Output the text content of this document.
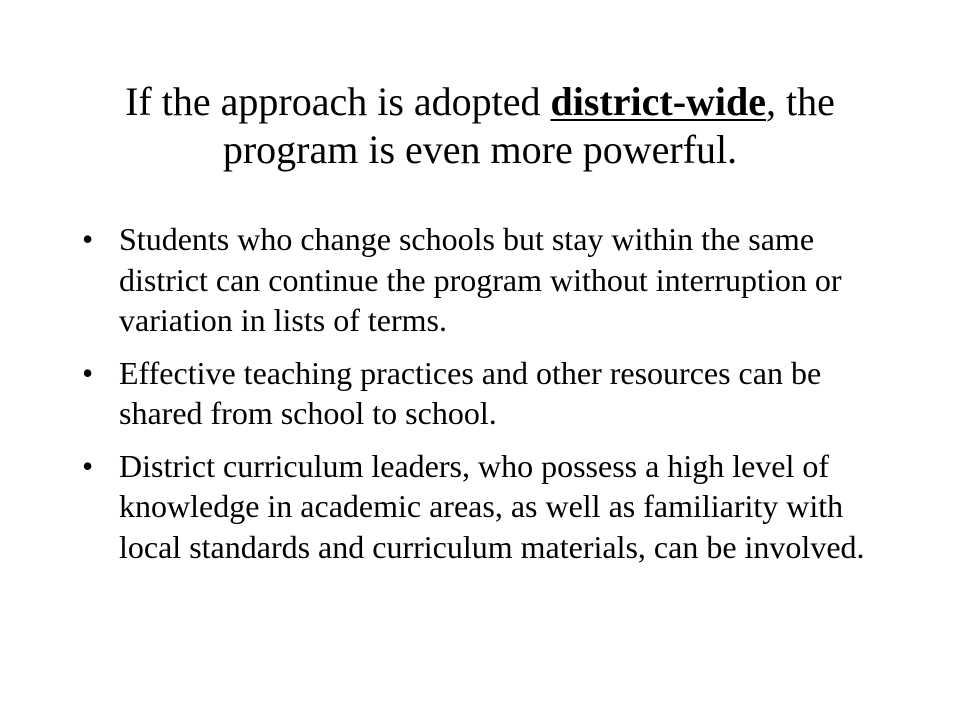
If the approach is adopted district-wide, the program is even more powerful.
• Students who change schools but stay within the same district can continue the program without interruption or variation in lists of terms.
• Effective teaching practices and other resources can be shared from school to school.
• District curriculum leaders, who possess a high level of knowledge in academic areas, as well as familiarity with local standards and curriculum materials, can be involved.
